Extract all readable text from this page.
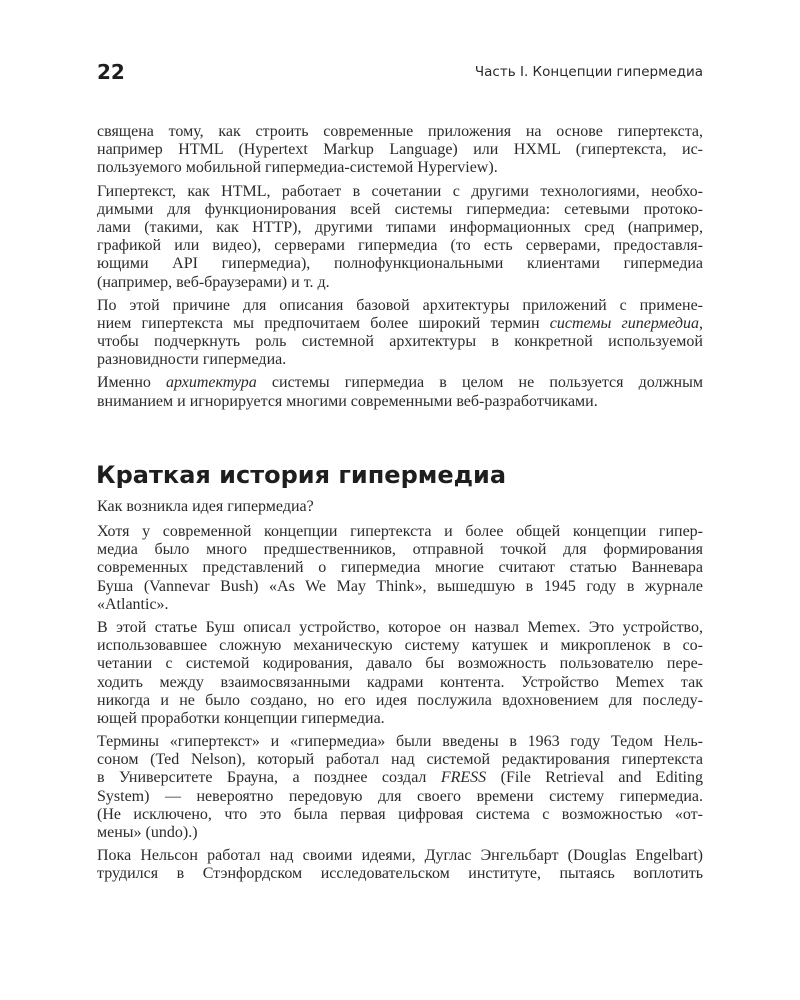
22	Часть I. Концепции гипермедиа
священа тому, как строить современные приложения на основе гипертекста,
например HTML (Hypertext Markup Language) или HXML (гипертекста, ис-
пользуемого мобильной гипермедиа-системой Hyperview).
Гипертекст, как HTML, работает в сочетании с другими технологиями, необхо-
димыми для функционирования всей системы гипермедиа: сетевыми протоко-
лами (такими, как HTTP), другими типами информационных сред (например,
графикой или видео), серверами гипермедиа (то есть серверами, предоставля-
ющими API гипермедиа), полнофункциональными клиентами гипермедиа
(например, веб-браузерами) и т. д.
По этой причине для описания базовой архитектуры приложений с примене-
нием гипертекста мы предпочитаем более широкий термин системы гипермедиа,
чтобы подчеркнуть роль системной архитектуры в конкретной используемой
разновидности гипермедиа.
Именно архитектура системы гипермедиа в целом не пользуется должным
вниманием и игнорируется многими современными веб-разработчиками.
Краткая история гипермедиа
Как возникла идея гипермедиа?
Хотя у современной концепции гипертекста и более общей концепции гипер-
медиа было много предшественников, отправной точкой для формирования
современных представлений о гипермедиа многие считают статью Ванневара
Буша (Vannevar Bush) «As We May Think», вышедшую в 1945 году в журнале
«Atlantic».
В этой статье Буш описал устройство, которое он назвал Memex. Это устройство,
использовавшее сложную механическую систему катушек и микропленок в со-
четании с системой кодирования, давало бы возможность пользователю пере-
ходить между взаимосвязанными кадрами контента. Устройство Memex так
никогда и не было создано, но его идея послужила вдохновением для последу-
ющей проработки концепции гипермедиа.
Термины «гипертекст» и «гипермедиа» были введены в 1963 году Тедом Нель-
соном (Ted Nelson), который работал над системой редактирования гипертекста
в Университете Брауна, а позднее создал FRESS (File Retrieval and Editing
System) — невероятно передовую для своего времени систему гипермедиа.
(Не исключено, что это была первая цифровая система с возможностью «от-
мены» (undo).)
Пока Нельсон работал над своими идеями, Дуглас Энгельбарт (Douglas Engelbart)
трудился в Стэнфордском исследовательском институте, пытаясь воплотить
